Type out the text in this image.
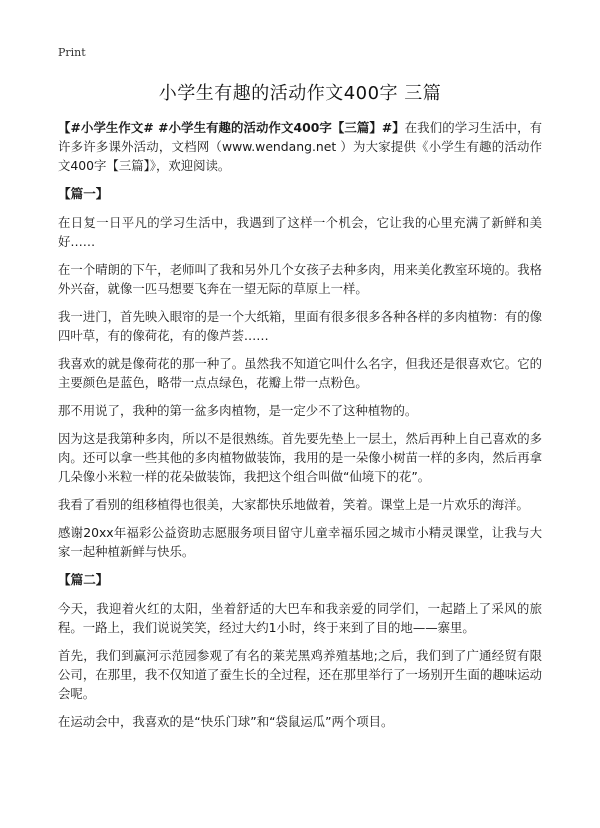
Print
小学生有趣的活动作文400字 三篇

【#小学生作文# #小学生有趣的活动作文400字【三篇】#】在我们的学习生活中，有许多许多课外活动，文档网（www.wendang.net ）为大家提供《小学生有趣的活动作文400字【三篇】》，欢迎阅读。

【篇一】

在日复一日平凡的学习生活中，我遇到了这样一个机会，它让我的心里充满了新鲜和美好……

在一个晴朗的下午，老师叫了我和另外几个女孩子去种多肉，用来美化教室环境的。我格外兴奋，就像一匹马想要飞奔在一望无际的草原上一样。

我一进门，首先映入眼帘的是一个大纸箱，里面有很多很多各种各样的多肉植物：有的像四叶草，有的像荷花，有的像芦荟……

我喜欢的就是像荷花的那一种了。虽然我不知道它叫什么名字，但我还是很喜欢它。它的主要颜色是蓝色，略带一点点绿色，花瓣上带一点粉色。

那不用说了，我种的第一盆多肉植物，是一定少不了这种植物的。

因为这是我第种多肉，所以不是很熟练。首先要先垫上一层土，然后再种上自己喜欢的多肉。还可以拿一些其他的多肉植物做装饰，我用的是一朵像小树苗一样的多肉，然后再拿几朵像小米粒一样的花朵做装饰，我把这个组合叫做“仙境下的花”。

我看了看别的组移植得也很美，大家都快乐地做着，笑着。课堂上是一片欢乐的海洋。

感谢20xx年福彩公益资助志愿服务项目留守儿童幸福乐园之城市小精灵课堂，让我与大家一起种植新鲜与快乐。

【篇二】

今天，我迎着火红的太阳，坐着舒适的大巴车和我亲爱的同学们，一起踏上了采风的旅程。一路上，我们说说笑笑，经过大约1小时，终于来到了目的地——寨里。

首先，我们到赢河示范园参观了有名的莱芜黑鸡养殖基地;之后，我们到了广通经贸有限公司，在那里，我不仅知道了蚕生长的全过程，还在那里举行了一场别开生面的趣味运动会呢。

在运动会中，我喜欢的是“快乐门球”和“袋鼠运瓜”两个项目。
